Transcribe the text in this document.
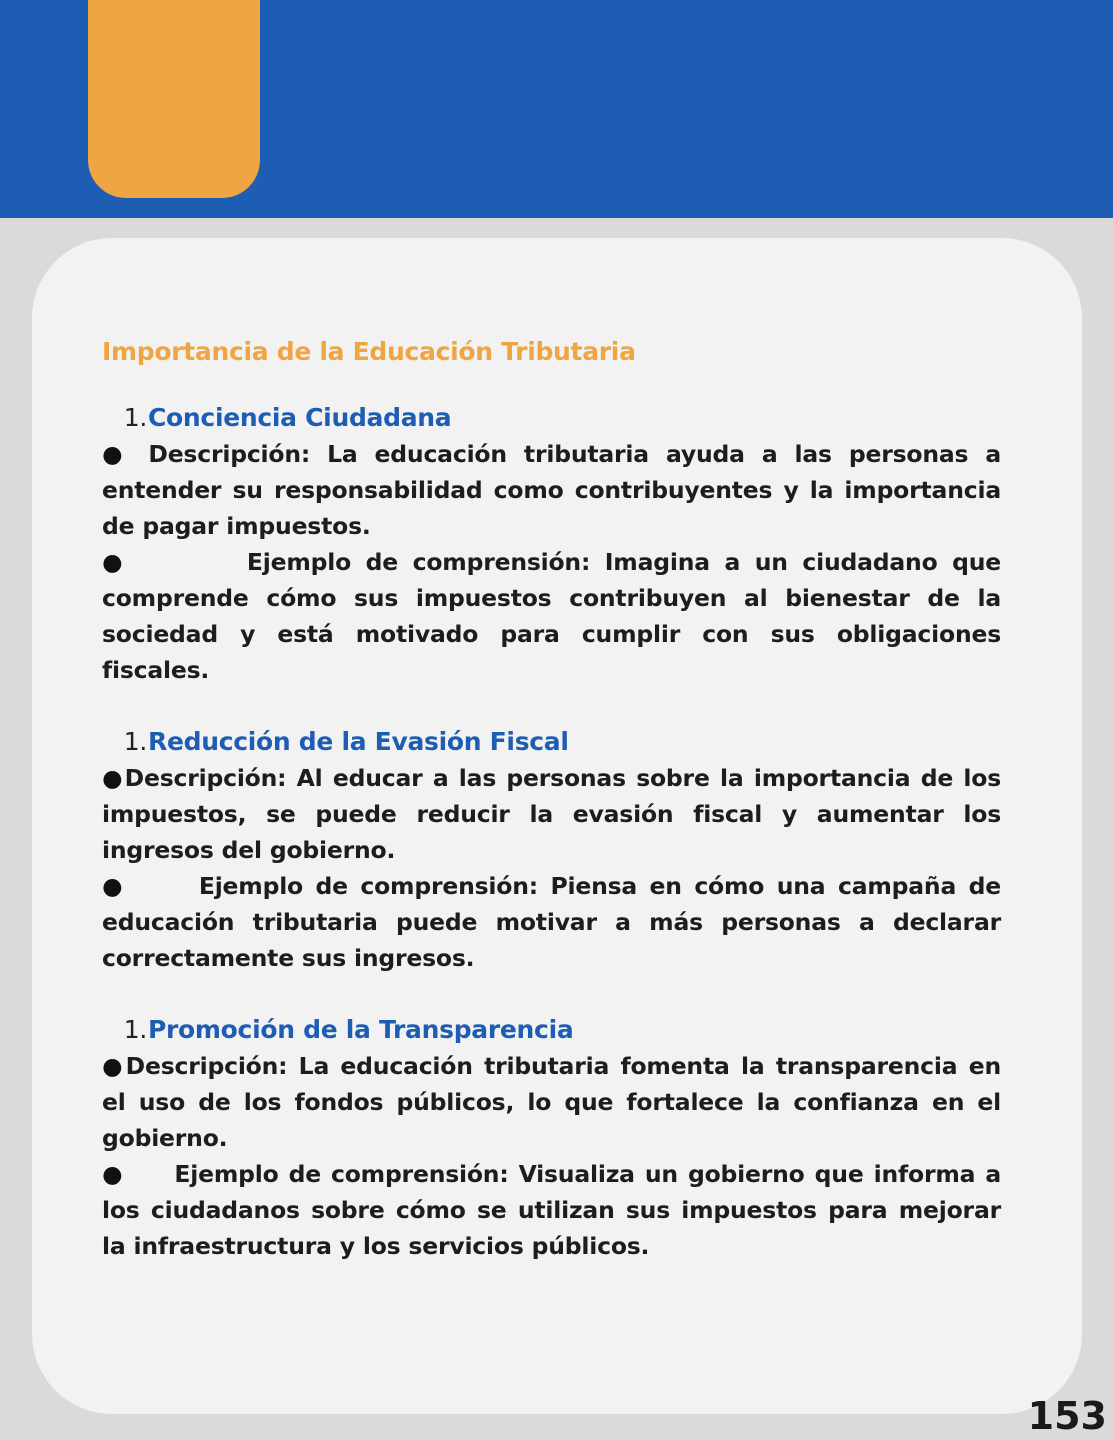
Importancia de la Educación Tributaria
1. Conciencia Ciudadana

● Descripción: La educación tributaria ayuda a las personas a entender su responsabilidad como contribuyentes y la importancia de pagar impuestos.

●	Ejemplo de comprensión: Imagina a un ciudadano que comprende cómo sus impuestos contribuyen al bienestar de la sociedad y está motivado para cumplir con sus obligaciones fiscales.

1. Reducción de la Evasión Fiscal

●Descripción: Al educar a las personas sobre la importancia de los impuestos, se puede reducir la evasión fiscal y aumentar los ingresos del gobierno.

●	Ejemplo de comprensión: Piensa en cómo una campaña de educación tributaria puede motivar a más personas a declarar correctamente sus ingresos.

1. Promoción de la Transparencia

●Descripción: La educación tributaria fomenta la transparencia en el uso de los fondos públicos, lo que fortalece la confianza en el gobierno.

● Ejemplo de comprensión: Visualiza un gobierno que informa a los ciudadanos sobre cómo se utilizan sus impuestos para mejorar la infraestructura y los servicios públicos.

153
